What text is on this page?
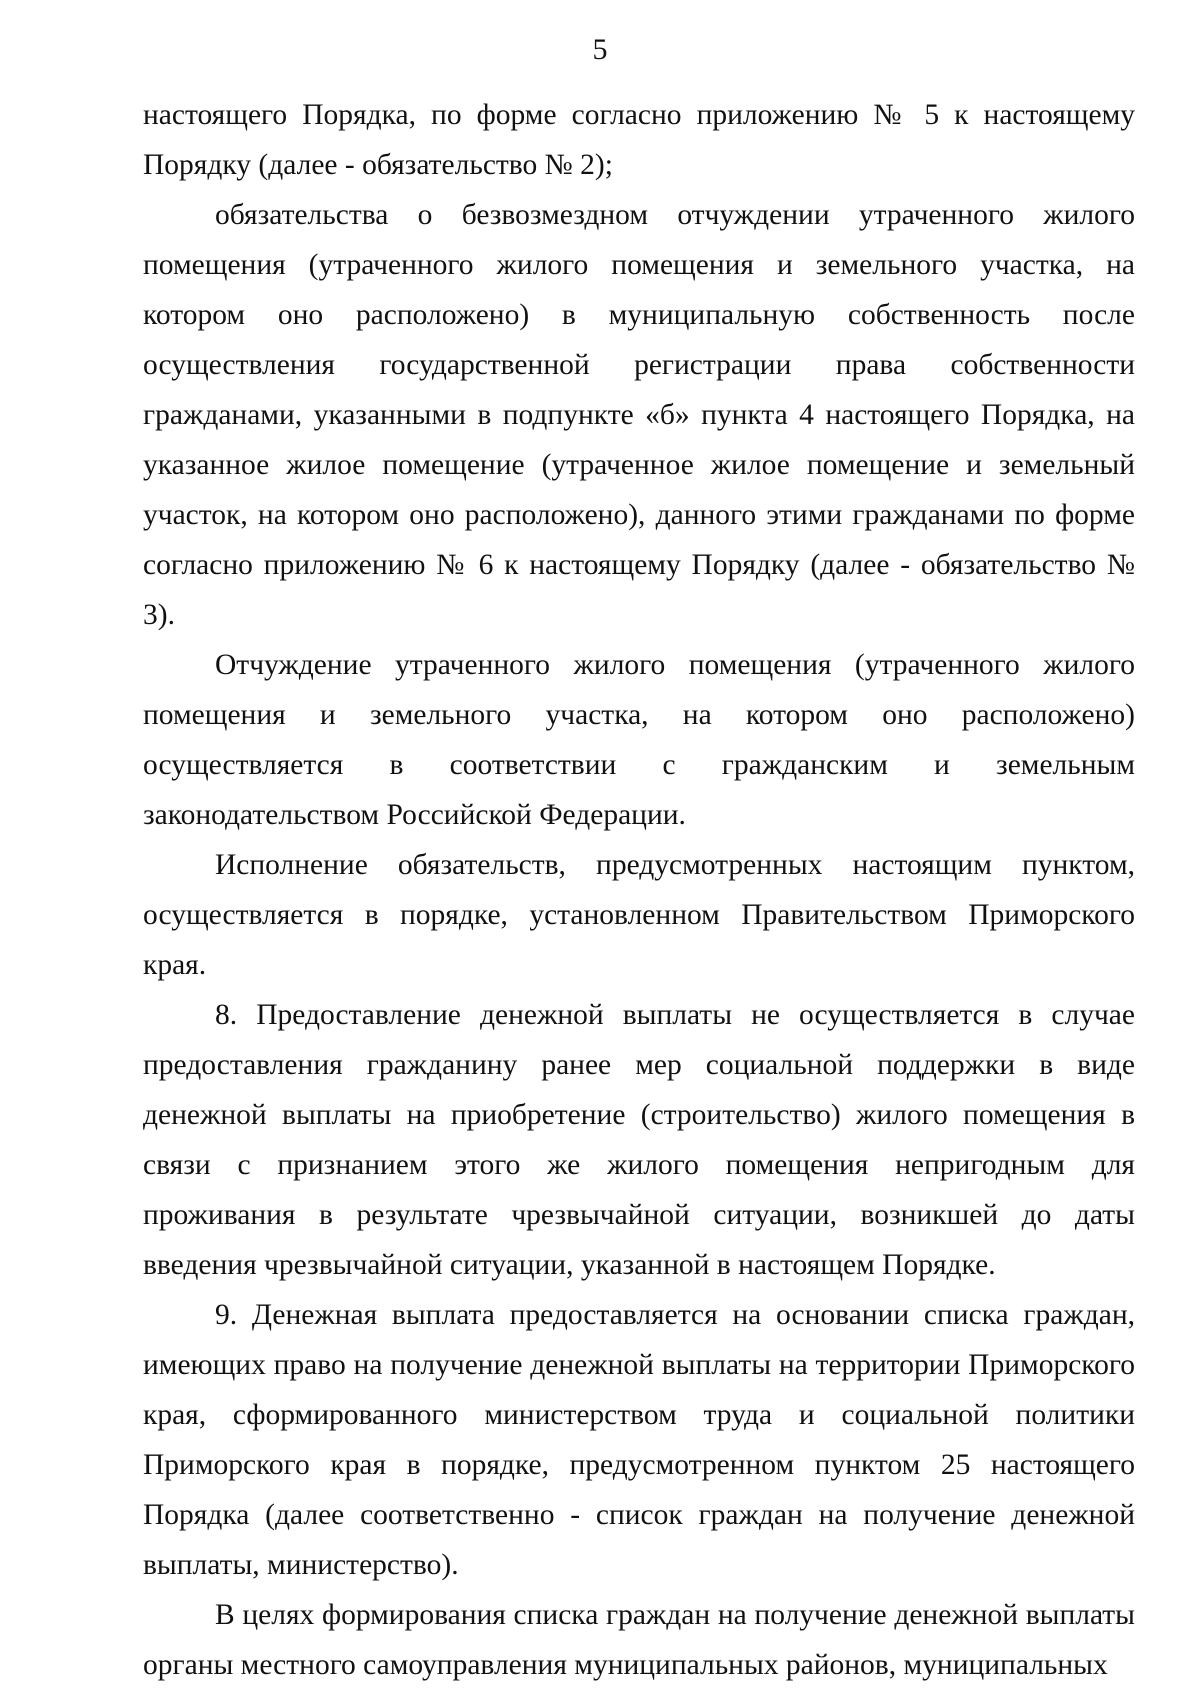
5

настоящего Порядка, по форме согласно приложению № 5 к настоящему Порядку (далее - обязательство № 2);

обязательства о безвозмездном отчуждении утраченного жилого помещения (утраченного жилого помещения и земельного участка, на котором оно расположено) в муниципальную собственность после осуществления государственной регистрации права собственности гражданами, указанными в подпункте «б» пункта 4 настоящего Порядка, на указанное жилое помещение (утраченное жилое помещение и земельный участок, на котором оно расположено), данного этими гражданами по форме согласно приложению № 6 к настоящему Порядку (далее - обязательство № 3).

Отчуждение утраченного жилого помещения (утраченного жилого помещения и земельного участка, на котором оно расположено) осуществляется в соответствии с гражданским и земельным законодательством Российской Федерации.

Исполнение обязательств, предусмотренных настоящим пунктом, осуществляется в порядке, установленном Правительством Приморского края.

8. Предоставление денежной выплаты не осуществляется в случае предоставления гражданину ранее мер социальной поддержки в виде денежной выплаты на приобретение (строительство) жилого помещения в связи с признанием этого же жилого помещения непригодным для проживания в результате чрезвычайной ситуации, возникшей до даты введения чрезвычайной ситуации, указанной в настоящем Порядке.

9. Денежная выплата предоставляется на основании списка граждан, имеющих право на получение денежной выплаты на территории Приморского края, сформированного министерством труда и социальной политики Приморского края в порядке, предусмотренном пунктом 25 настоящего Порядка (далее соответственно - список граждан на получение денежной выплаты, министерство).

В целях формирования списка граждан на получение денежной выплаты органы местного самоуправления муниципальных районов, муниципальных
